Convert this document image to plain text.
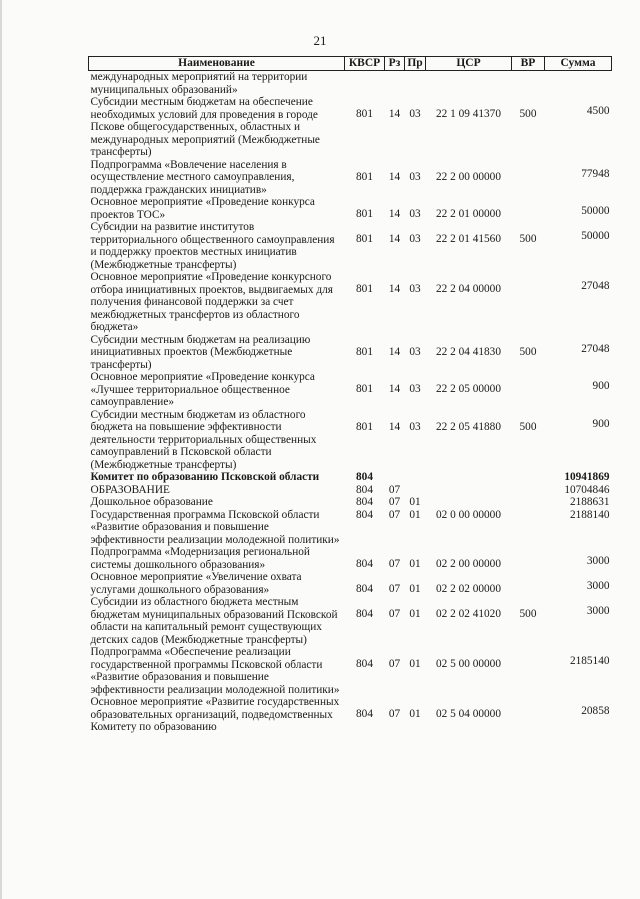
21
Наименование	КВСР	Рз	Пр	ЦСР	ВР	Сумма
международных мероприятий на территории муниципальных образований»						
Субсидии местным бюджетам на обеспечение необходимых условий для проведения в городе Пскове общегосударственных, областных и международных мероприятий (Межбюджетные трансферты)	801	14	03	22 1 09 41370	500	4500
Подпрограмма «Вовлечение населения в осуществление местного самоуправления, поддержка гражданских инициатив»	801	14	03	22 2 00 00000		77948
Основное мероприятие «Проведение конкурса проектов ТОС»	801	14	03	22 2 01 00000		50000
Субсидии на развитие институтов территориального общественного самоуправления и поддержку проектов местных инициатив (Межбюджетные трансферты)	801	14	03	22 2 01 41560	500	50000
Основное мероприятие «Проведение конкурсного отбора инициативных проектов, выдвигаемых для получения финансовой поддержки за счет межбюджетных трансфертов из областного бюджета»	801	14	03	22 2 04 00000		27048
Субсидии местным бюджетам на реализацию инициативных проектов (Межбюджетные трансферты)	801	14	03	22 2 04 41830	500	27048
Основное мероприятие «Проведение конкурса «Лучшее территориальное общественное самоуправление»	801	14	03	22 2 05 00000		900
Субсидии местным бюджетам из областного бюджета на повышение эффективности деятельности территориальных общественных самоуправлений в Псковской области (Межбюджетные трансферты)	801	14	03	22 2 05 41880	500	900
Комитет по образованию Псковской области	804					10941869
ОБРАЗОВАНИЕ	804	07				10704846
Дошкольное образование	804	07	01			2188631
Государственная программа Псковской области «Развитие образования и повышение эффективности реализации молодежной политики»	804	07	01	02 0 00 00000		2188140
Подпрограмма «Модернизация региональной системы дошкольного образования»	804	07	01	02 2 00 00000		3000
Основное мероприятие «Увеличение охвата услугами дошкольного образования»	804	07	01	02 2 02 00000		3000
Субсидии из областного бюджета местным бюджетам муниципальных образований Псковской области на капитальный ремонт существующих детских садов (Межбюджетные трансферты)	804	07	01	02 2 02 41020	500	3000
Подпрограмма «Обеспечение реализации государственной программы Псковской области «Развитие образования и повышение эффективности реализации молодежной политики»	804	07	01	02 5 00 00000		2185140
Основное мероприятие «Развитие государственных образовательных организаций, подведомственных Комитету по образованию	804	07	01	02 5 04 00000		20858
